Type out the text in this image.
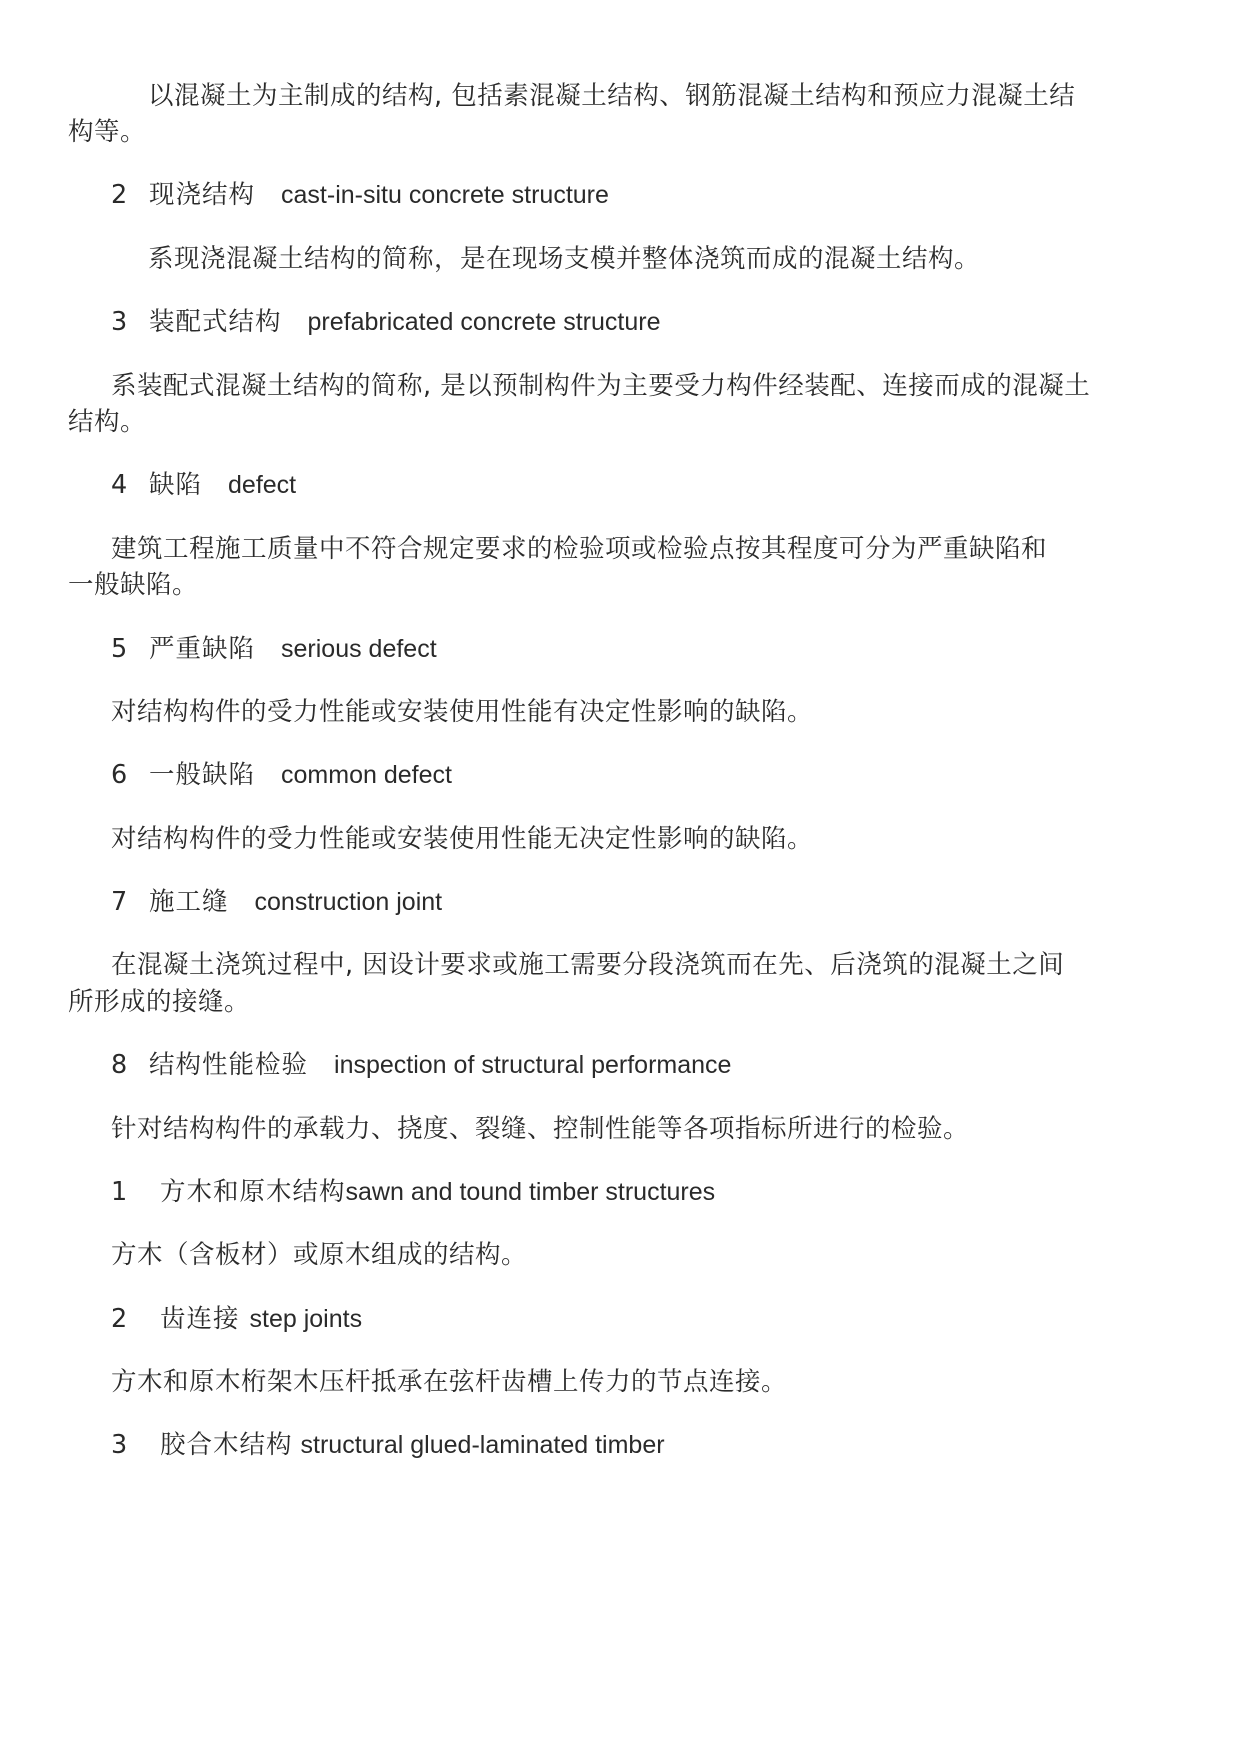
以混凝土为主制成的结构, 包括素混凝土结构、钢筋混凝土结构和预应力混凝土结
构等。
2 现浇结构 cast-in-situ concrete structure
系现浇混凝土结构的简称，是在现场支模并整体浇筑而成的混凝土结构。
3 装配式结构 prefabricated concrete structure
系装配式混凝土结构的简称, 是以预制构件为主要受力构件经装配、连接而成的混凝土
结构。
4 缺陷 defect
建筑工程施工质量中不符合规定要求的检验项或检验点按其程度可分为严重缺陷和
一般缺陷。
5 严重缺陷 serious defect
对结构构件的受力性能或安装使用性能有决定性影响的缺陷。
6 一般缺陷 common defect
对结构构件的受力性能或安装使用性能无决定性影响的缺陷。
7 施工缝 construction joint
在混凝土浇筑过程中, 因设计要求或施工需要分段浇筑而在先、后浇筑的混凝土之间
所形成的接缝。
8 结构性能检验 inspection of structural performance
针对结构构件的承载力、挠度、裂缝、控制性能等各项指标所进行的检验。
1 方木和原木结构sawn and tound timber structures
方木（含板材）或原木组成的结构。
2 齿连接 step joints
方木和原木桁架木压杆抵承在弦杆齿槽上传力的节点连接。
3 胶合木结构 structural glued-laminated timber
